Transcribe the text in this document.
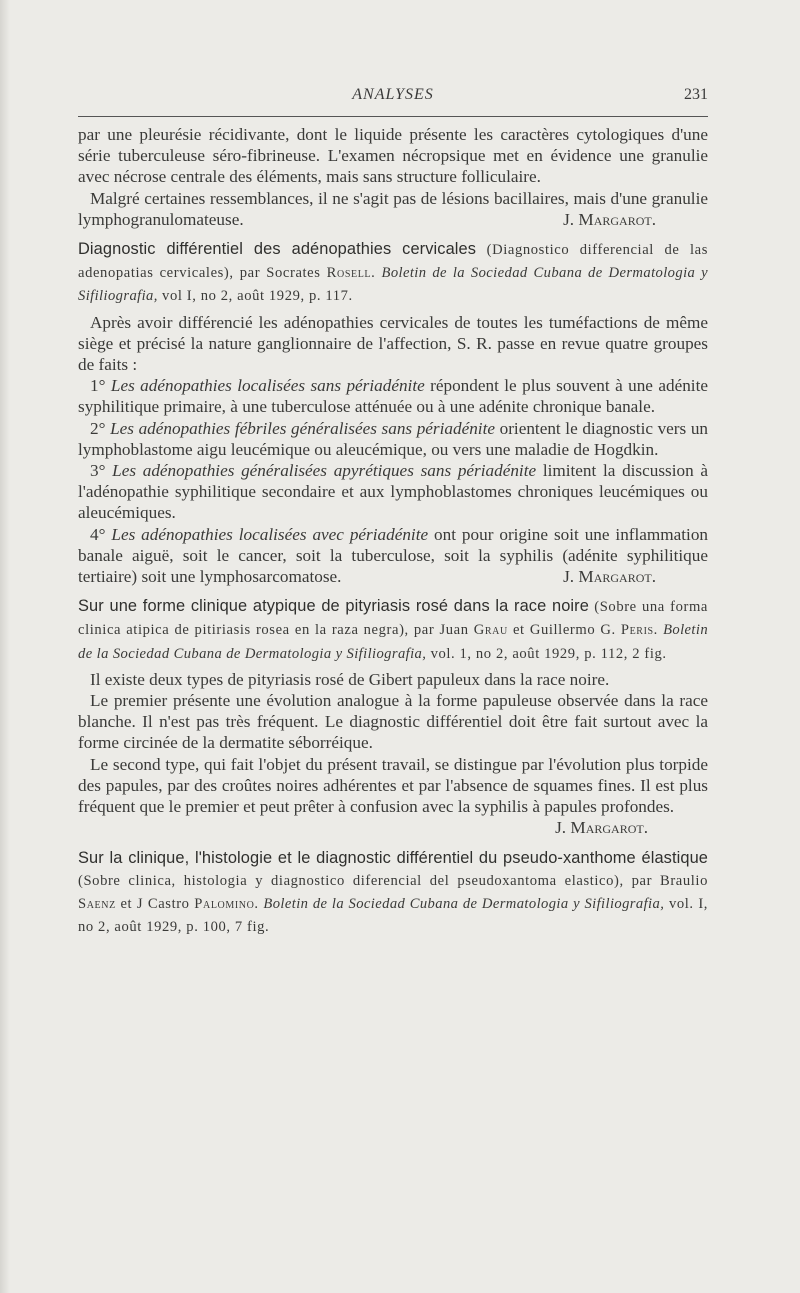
ANALYSES	231

par une pleurésie récidivante, dont le liquide présente les caractères cytologiques d'une série tuberculeuse séro-fibrineuse. L'examen nécropsique met en évidence une granulie avec nécrose centrale des éléments, mais sans structure folliculaire.

Malgré certaines ressemblances, il ne s'agit pas de lésions bacillaires, mais d'une granulie lymphogranulomateuse.	J. Margarot.

Diagnostic différentiel des adénopathies cervicales (Diagnostico differencial de las adenopatias cervicales), par Socrates Rosell. Boletin de la Sociedad Cubana de Dermatologia y Sifiliografia, vol I, no 2, août 1929, p. 117.

Après avoir différencié les adénopathies cervicales de toutes les tuméfactions de même siège et précisé la nature ganglionnaire de l'affection, S. R. passe en revue quatre groupes de faits :

1° Les adénopathies localisées sans périadénite répondent le plus souvent à une adénite syphilitique primaire, à une tuberculose atténuée ou à une adénite chronique banale.

2° Les adénopathies fébriles généralisées sans périadénite orientent le diagnostic vers un lymphoblastome aigu leucémique ou aleucémique, ou vers une maladie de Hogdkin.

3° Les adénopathies généralisées apyrétiques sans périadénite limitent la discussion à l'adénopathie syphilitique secondaire et aux lymphoblastomes chroniques leucémiques ou aleucémiques.

4° Les adénopathies localisées avec périadénite ont pour origine soit une inflammation banale aiguë, soit le cancer, soit la tuberculose, soit la syphilis (adénite syphilitique tertiaire) soit une lymphosarcomatose.	J. Margarot.

Sur une forme clinique atypique de pityriasis rosé dans la race noire (Sobre una forma clinica atipica de pitiriasis rosea en la raza negra), par Juan Grau et Guillermo G. Peris. Boletin de la Sociedad Cubana de Dermatologia y Sifiliografia, vol. 1, no 2, août 1929, p. 112, 2 fig.

Il existe deux types de pityriasis rosé de Gibert papuleux dans la race noire.

Le premier présente une évolution analogue à la forme papuleuse observée dans la race blanche. Il n'est pas très fréquent. Le diagnostic différentiel doit être fait surtout avec la forme circinée de la dermatite séborréique.

Le second type, qui fait l'objet du présent travail, se distingue par l'évolution plus torpide des papules, par des croûtes noires adhérentes et par l'absence de squames fines. Il est plus fréquent que le premier et peut prêter à confusion avec la syphilis à papules profondes.

J. Margarot.

Sur la clinique, l'histologie et le diagnostic différentiel du pseudo-xanthome élastique (Sobre clinica, histologia y diagnostico diferencial del pseudoxantoma elastico), par Braulio Saenz et J Castro Palomino. Boletin de la Sociedad Cubana de Dermatologia y Sifiliografia, vol. I, no 2, août 1929, p. 100, 7 fig.
